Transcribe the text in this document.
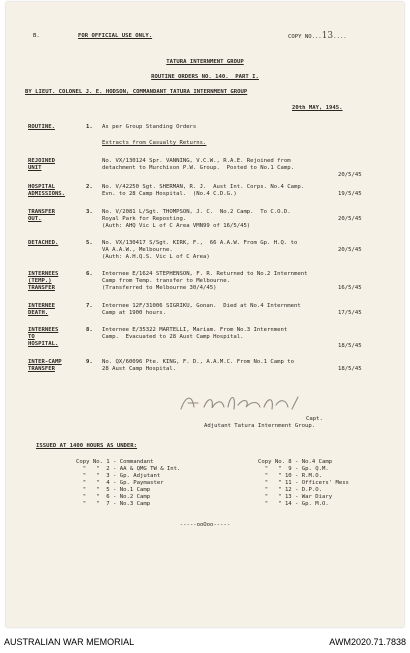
B.	FOR OFFICIAL USE ONLY.	COPY NO...13....
TATURA INTERNMENT GROUP
ROUTINE ORDERS NO. 140.  PART I.
BY LIEUT. COLONEL J. E. HODSON, COMMANDANT TATURA INTERNMENT GROUP
20th MAY, 1945.
ROUTINE.	1. As per Group Standing Orders
Extracts from Casualty Returns.
REJOINED
UNIT
No. VX/130124 Spr. VANNING, V.C.W., R.A.E. Rejoined from
detachment to Murchison P.W. Group.  Posted to No.1 Camp.
20/5/45
HOSPITAL
ADMISSIONS.
2. No. V/42250 Sgt. SHERMAN, R. J.  Aust Int. Corps. No.4 Camp.
Evn. to 28 Camp Hospital.  (No.4 C.D.G.)	19/5/45
TRANSFER
OUT.
3. No. V/2081 L/Sgt. THOMPSON, J. C.  No.2 Camp.  To C.O.D.
Royal Park for Reposting.
(Auth: AHQ Vic L of C Area VMN99 of 16/5/45)
20/5/45
DETACHED.	5. No. VX/130417 S/Sgt. KIRK, F.,  66 A.A.W. From Gp. H.Q. to
VA A.A.W., Melbourne.
(Auth: A.H.Q.S. Vic L of C Area)
20/5/45
INTERNEES
(TEMP.)
TRANSFER
6. Internee E/1624 STEPHENSON, F. R. Returned to No.2 Internment
Camp from Temp. transfer to Melbourne.
(Transferred to Melbourne 30/4/45)	16/5/45
INTERNEE
DEATH.
7. Internee 12F/31006 SIGRIKU, Gonan.  Died at No.4 Internment
Camp at 1900 hours.	17/5/45
INTERNEES
TO
HOSPITAL.
8. Internee E/35322 MARTELLI, Mariam. From No.3 Internment
Camp.  Evacuated to 28 Aust Camp Hospital.
18/5/45
INTER-CAMP
TRANSFER
9. No. QX/60096 Pte. KING, F. D., A.A.M.C. From No.1 Camp to
28 Aust Camp Hospital.	18/5/45
Capt.
Adjutant Tatura Internment Group.
ISSUED AT 1400 HOURS AS UNDER:
Copy No. 1 - Commandant
"   "  2 - AA & QMG TW & Int.
"   "  3 - Gp. Adjutant
"   "  4 - Gp. Paymaster
"   "  5 - No.1 Camp
"   "  6 - No.2 Camp
"   "  7 - No.3 Camp
Copy No. 8 - No.4 Camp
"   "  9 - Gp. Q.M.
"   " 10 - R.M.O.
"   " 11 - Officers' Mess
"   " 12 - D.P.O.
"   " 13 - War Diary
"   " 14 - Gp. M.O.
-----ooOoo-----
AUSTRALIAN WAR MEMORIAL	AWM2020.71.7838
